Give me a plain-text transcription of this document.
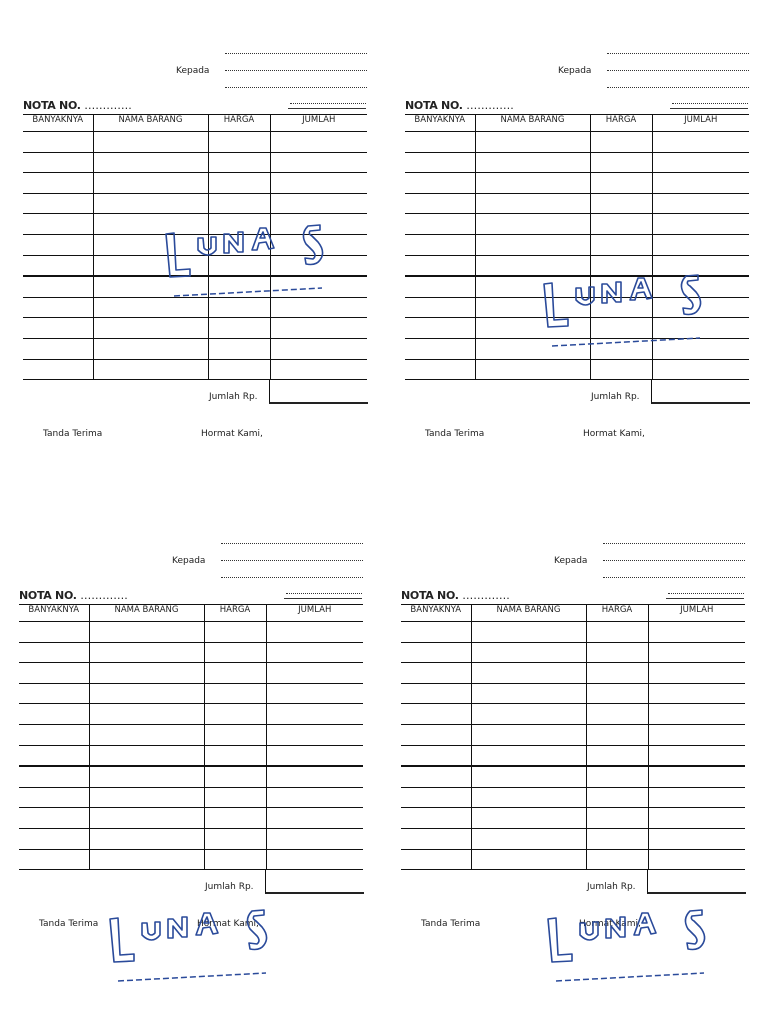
Kepada
NOTA NO. ………….
BANYAKNYA	NAMA BARANG	HARGA	JUMLAH

Jumlah Rp.
Tanda Terima	Hormat Kami,
Kepada
NOTA NO. ………….
BANYAKNYA	NAMA BARANG	HARGA	JUMLAH

Jumlah Rp.
Tanda Terima	Hormat Kami,
Kepada
NOTA NO. ………….
BANYAKNYA	NAMA BARANG	HARGA	JUMLAH

Jumlah Rp.
Tanda Terima	Hormat Kami,
Kepada
NOTA NO. ………….
BANYAKNYA	NAMA BARANG	HARGA	JUMLAH

Jumlah Rp.
Tanda Terima	Hormat Kami,
